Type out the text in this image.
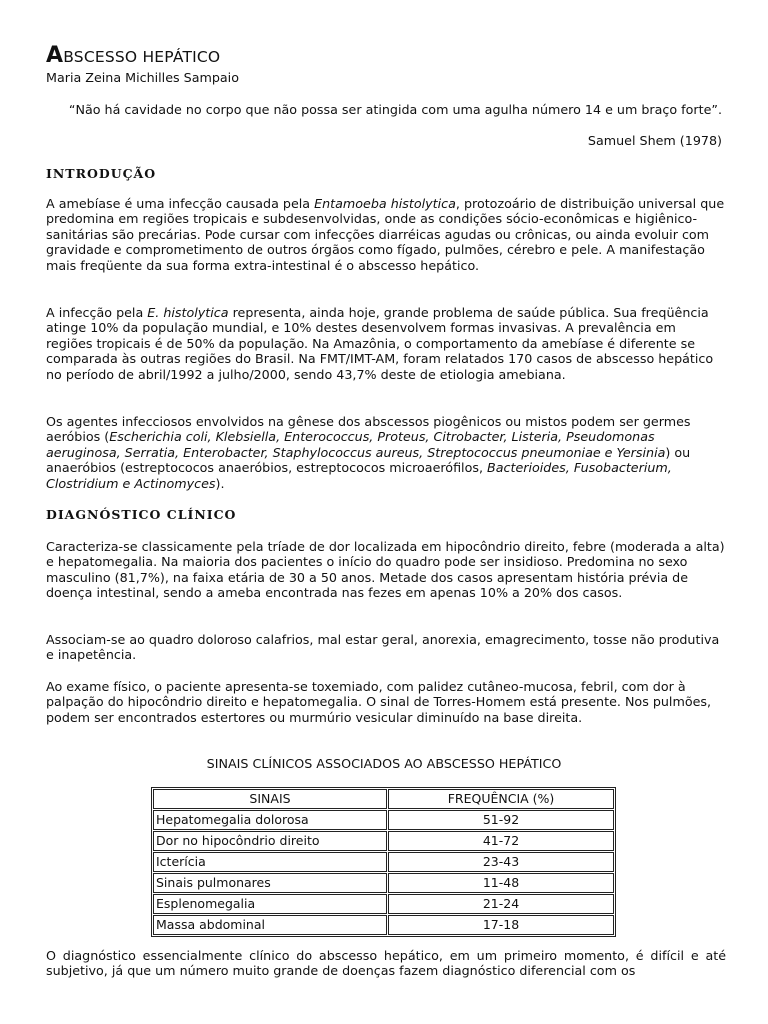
ABSCESSO HEPÁTICO
Maria Zeina Michilles Sampaio
“Não há cavidade no corpo que não possa ser atingida com uma agulha número 14 e um braço forte”.
Samuel Shem (1978)
INTRODUÇÃO

A amebíase é uma infecção causada pela Entamoeba histolytica, protozoário de distribuição universal que predomina em regiões tropicais e subdesenvolvidas, onde as condições sócio-econômicas e higiênico-sanitárias são precárias. Pode cursar com infecções diarréicas agudas ou crônicas, ou ainda evoluir com gravidade e comprometimento de outros órgãos como fígado, pulmões, cérebro e pele. A manifestação mais freqüente da sua forma extra-intestinal é o abscesso hepático.

A infecção pela E. histolytica representa, ainda hoje, grande problema de saúde pública. Sua freqüência atinge 10% da população mundial, e 10% destes desenvolvem formas invasivas. A prevalência em regiões tropicais é de 50% da população. Na Amazônia, o comportamento da amebíase é diferente se comparada às outras regiões do Brasil. Na FMT/IMT-AM, foram relatados 170 casos de abscesso hepático no período de abril/1992 a julho/2000, sendo 43,7% deste de etiologia amebiana.

Os agentes infecciosos envolvidos na gênese dos abscessos piogênicos ou mistos podem ser germes aeróbios (Escherichia coli, Klebsiella, Enterococcus, Proteus, Citrobacter, Listeria, Pseudomonas aeruginosa, Serratia, Enterobacter, Staphylococcus aureus, Streptococcus pneumoniae e Yersinia) ou anaeróbios (estreptococos anaeróbios, estreptococos microaerófilos, Bacterioides, Fusobacterium, Clostridium e Actinomyces).

DIAGNÓSTICO CLÍNICO

Caracteriza-se classicamente pela tríade de dor localizada em hipocôndrio direito, febre (moderada a alta) e hepatomegalia. Na maioria dos pacientes o início do quadro pode ser insidioso. Predomina no sexo masculino (81,7%), na faixa etária de 30 a 50 anos. Metade dos casos apresentam história prévia de doença intestinal, sendo a ameba encontrada nas fezes em apenas 10% a 20% dos casos.

Associam-se ao quadro doloroso calafrios, mal estar geral, anorexia, emagrecimento, tosse não produtiva e inapetência.

Ao exame físico, o paciente apresenta-se toxemiado, com palidez cutâneo-mucosa, febril, com dor à palpação do hipocôndrio direito e hepatomegalia. O sinal de Torres-Homem está presente. Nos pulmões, podem ser encontrados estertores ou murmúrio vesicular diminuído na base direita.

SINAIS CLÍNICOS ASSOCIADOS AO ABSCESSO HEPÁTICO
SINAIS	FREQUÊNCIA (%)
Hepatomegalia dolorosa	51-92
Dor no hipocôndrio direito	41-72
Icterícia	23-43
Sinais pulmonares	11-48
Esplenomegalia	21-24
Massa abdominal	17-18

O diagnóstico essencialmente clínico do abscesso hepático, em um primeiro momento, é difícil e até subjetivo, já que um número muito grande de doenças fazem diagnóstico diferencial com os
